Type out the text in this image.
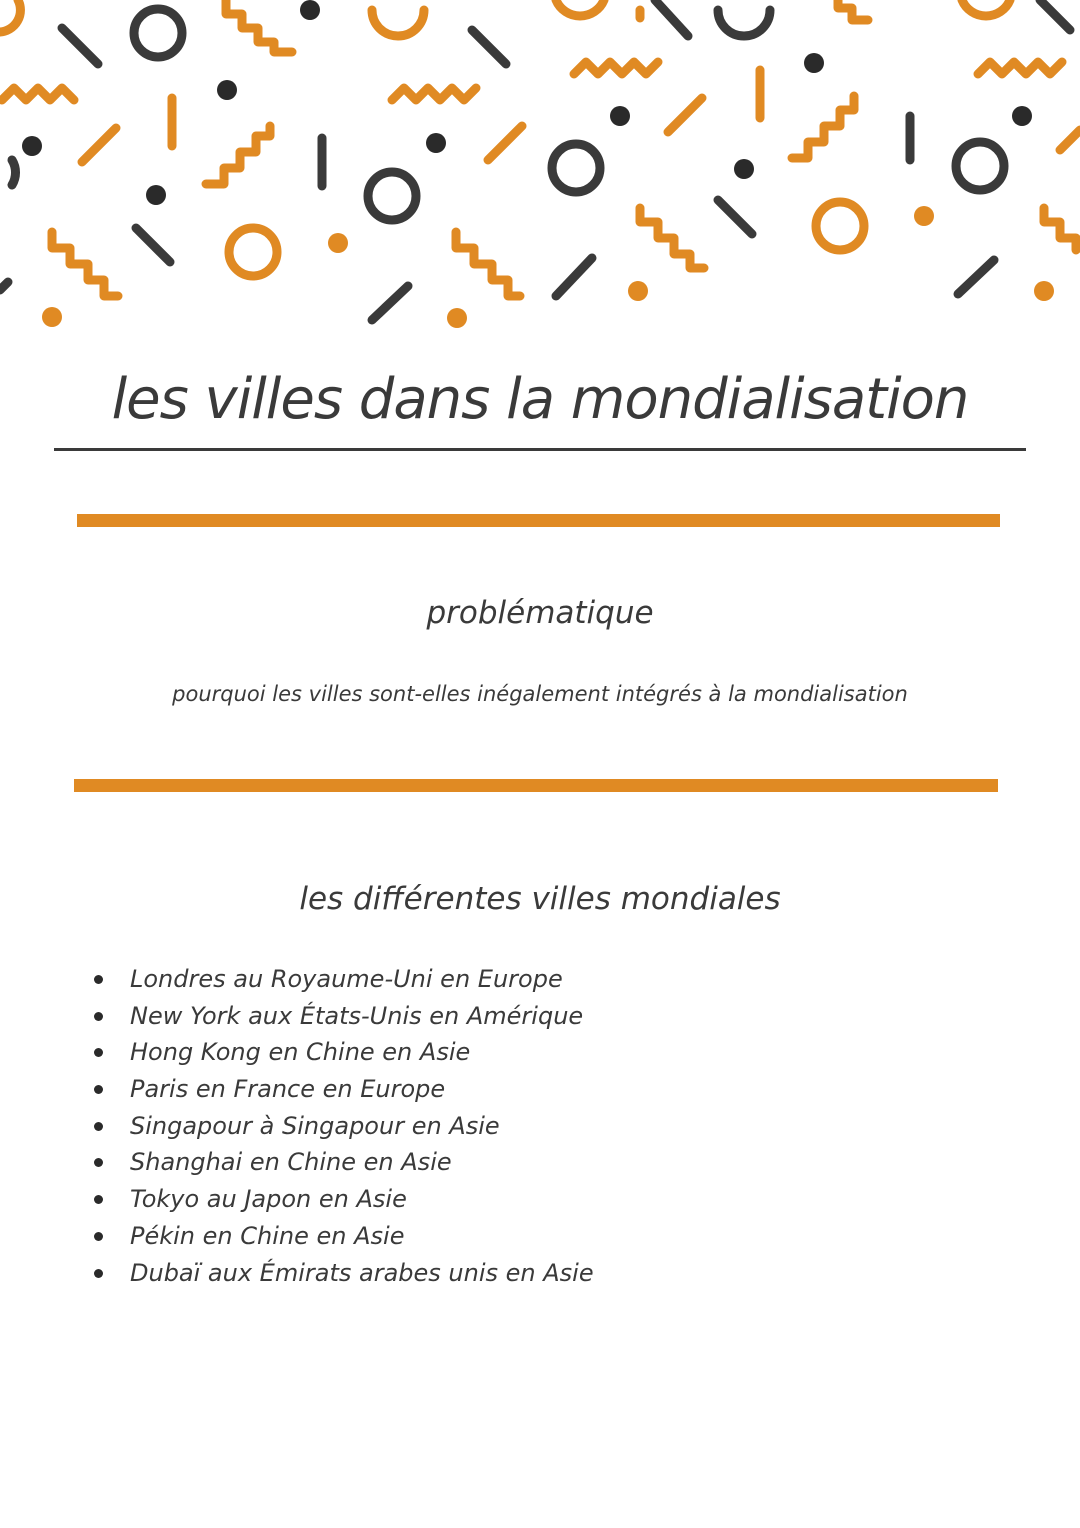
les villes dans la mondialisation
problématique

pourquoi les villes sont-elles inégalement intégrés à la mondialisation

les différentes villes mondiales
Londres au Royaume-Uni en Europe
New York aux États-Unis en Amérique
Hong Kong en Chine en Asie
Paris en France en Europe
Singapour à Singapour en Asie
Shanghai en Chine en Asie
Tokyo au Japon en Asie
Pékin en Chine en Asie
Dubaï aux Émirats arabes unis en Asie
